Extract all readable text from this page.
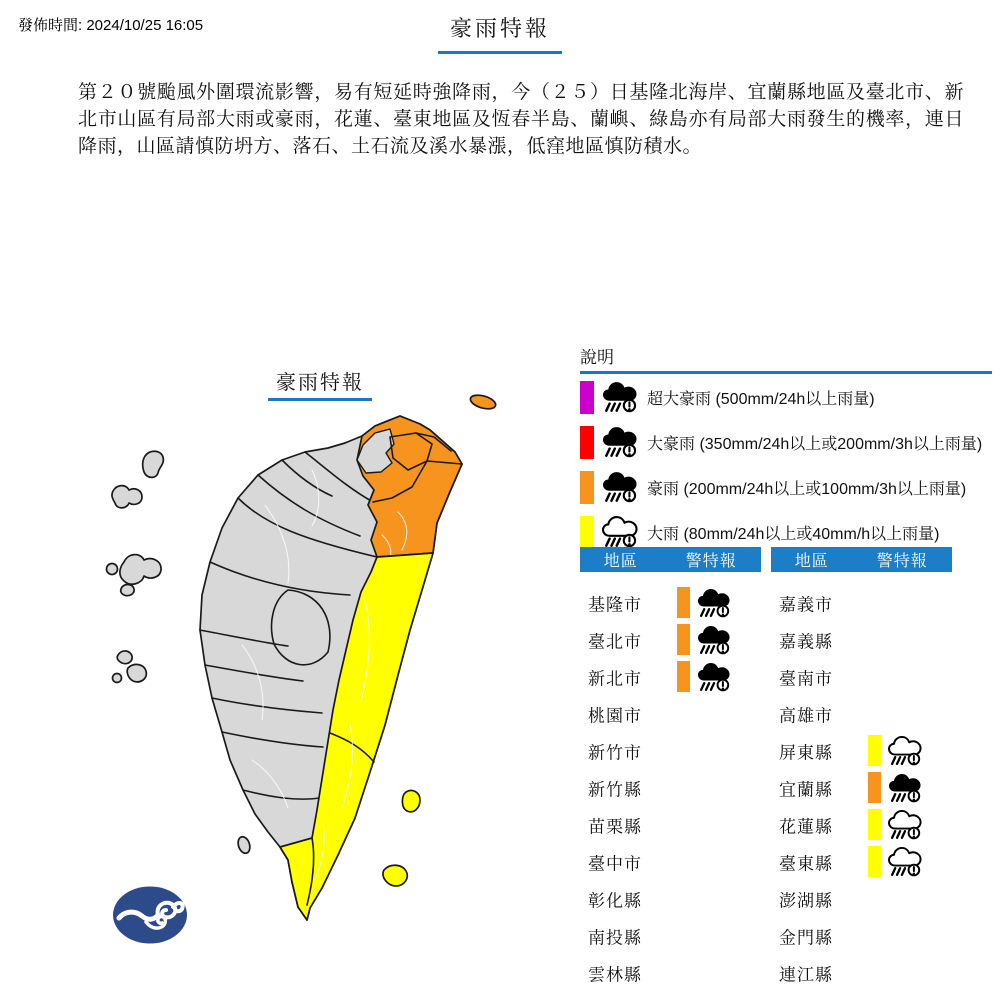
發佈時間: 2024/10/25 16:05	豪雨特報

第２０號颱風外圍環流影響，易有短延時強降雨，今（２５）日基隆北海岸、宜蘭縣地區及臺北市、新北市山區有局部大雨或豪雨，花蓮、臺東地區及恆春半島、蘭嶼、綠島亦有局部大雨發生的機率，連日降雨，山區請慎防坍方、落石、土石流及溪水暴漲，低窪地區慎防積水。

豪雨特報
說明
超大豪雨 (500mm/24h以上雨量)
大豪雨 (350mm/24h以上或200mm/3h以上雨量)
豪雨 (200mm/24h以上或100mm/3h以上雨量)
大雨 (80mm/24h以上或40mm/h以上雨量)
地區	警特報
基隆市
臺北市
新北市
桃園市
新竹市
新竹縣
苗栗縣
臺中市
彰化縣
南投縣
雲林縣
地區	警特報
嘉義市
嘉義縣
臺南市
高雄市
屏東縣
宜蘭縣
花蓮縣
臺東縣
澎湖縣
金門縣
連江縣
